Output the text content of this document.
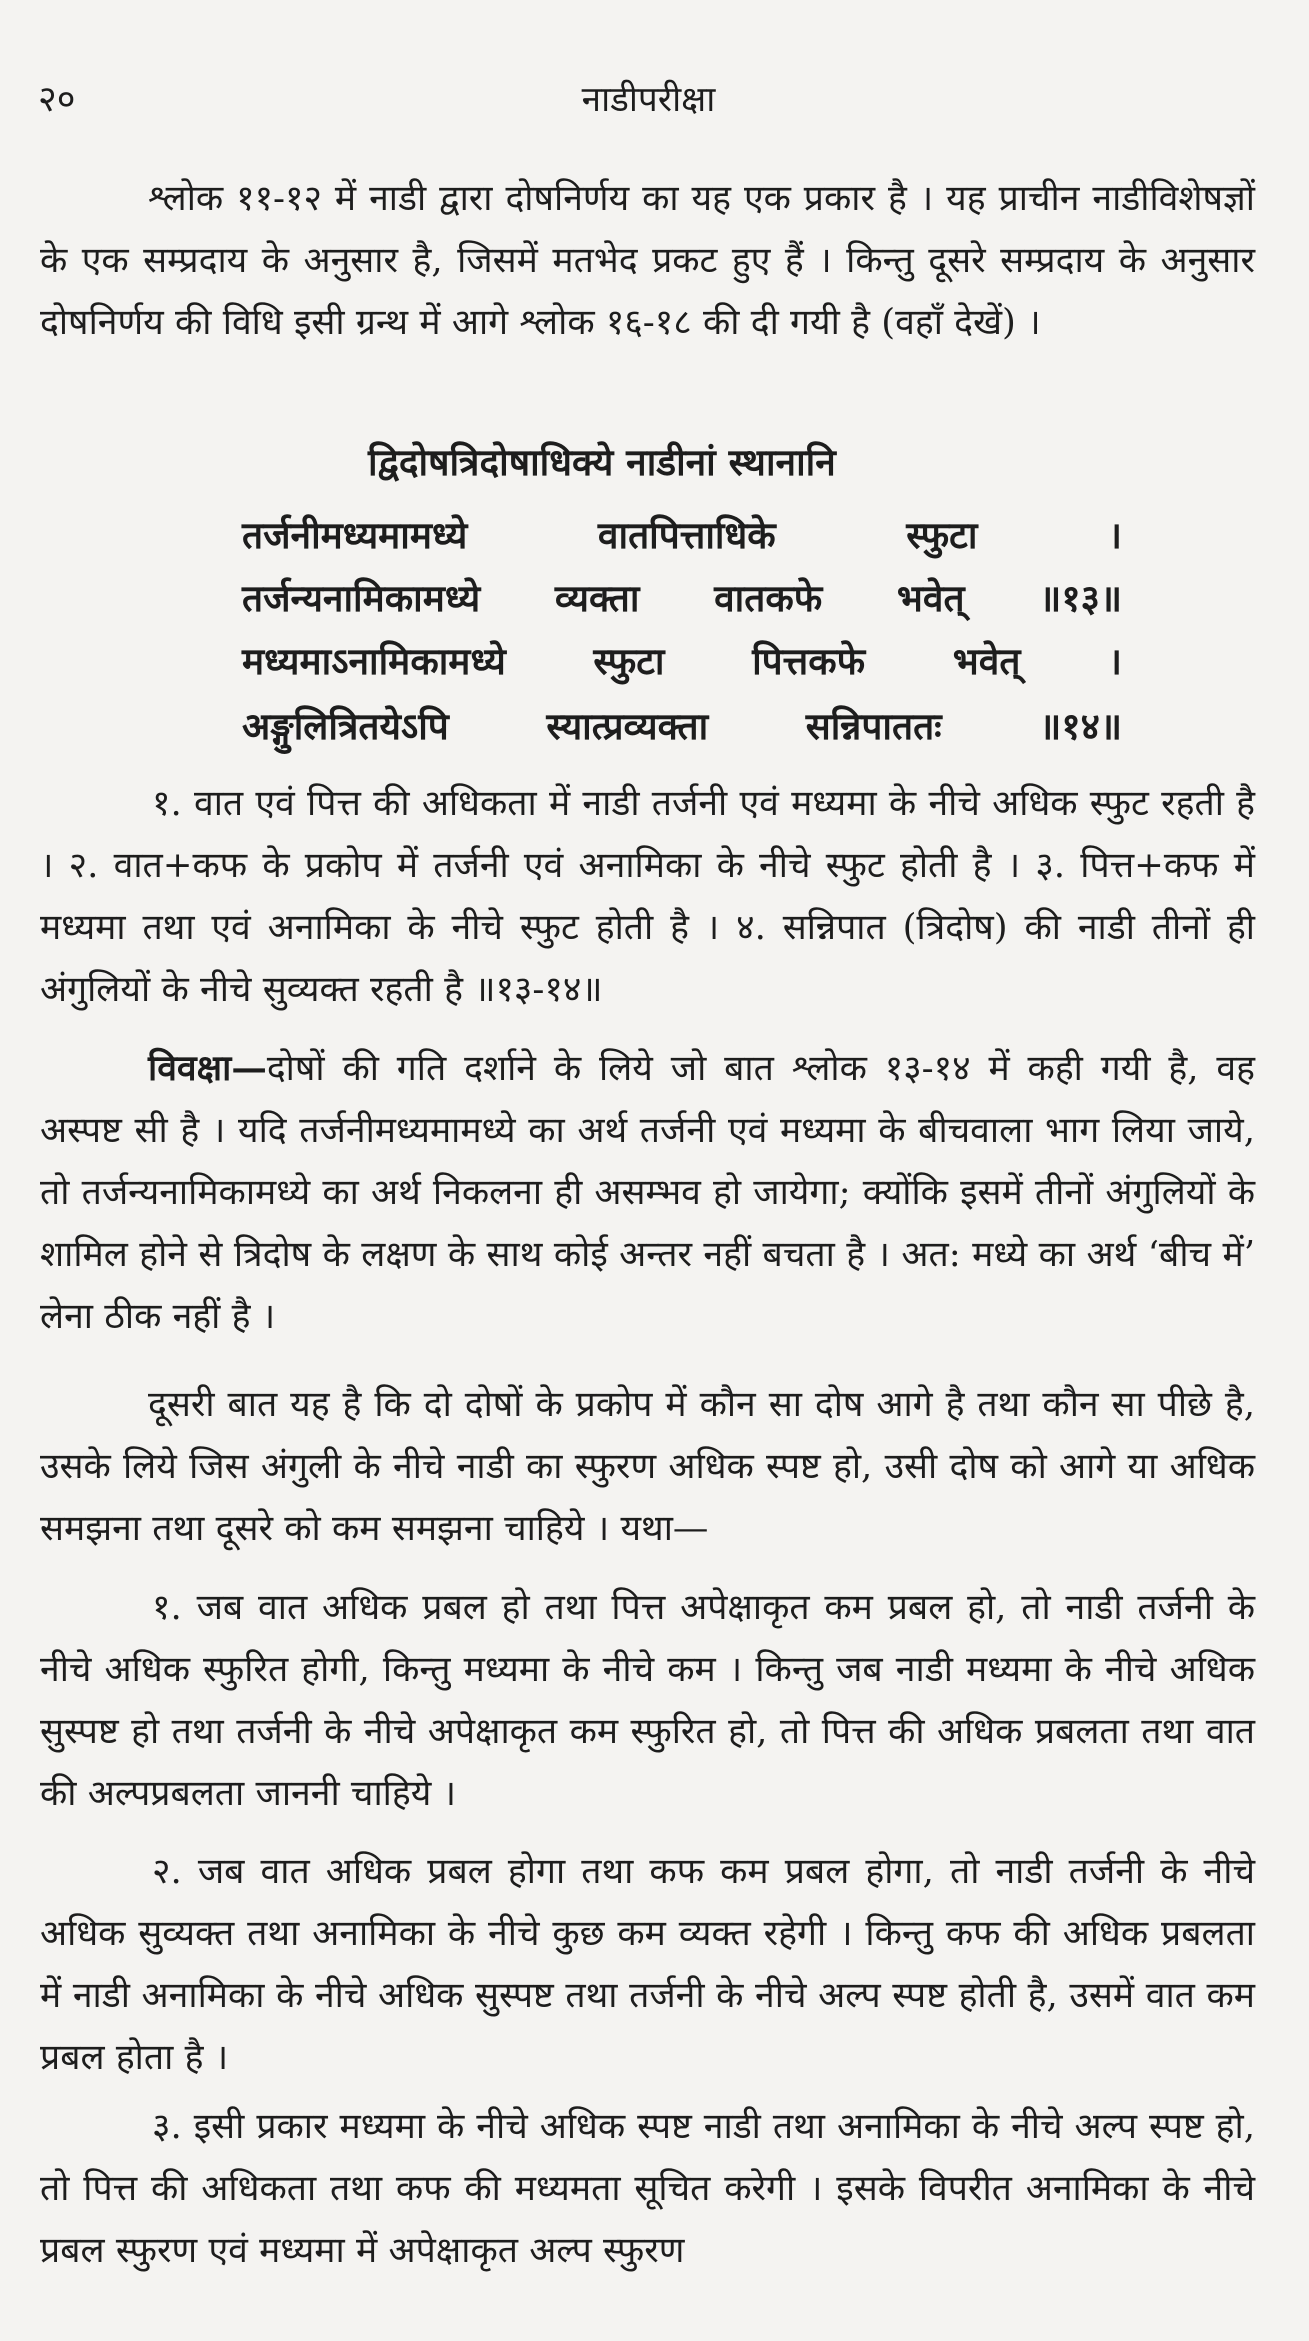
२०	नाडीपरीक्षा

श्लोक ११-१२ में नाडी द्वारा दोषनिर्णय का यह एक प्रकार है । यह प्राचीन नाडीविशेषज्ञों के एक सम्प्रदाय के अनुसार है, जिसमें मतभेद प्रकट हुए हैं । किन्तु दूसरे सम्प्रदाय के अनुसार दोषनिर्णय की विधि इसी ग्रन्थ में आगे श्लोक १६-१८ की दी गयी है (वहाँ देखें) ।

द्विदोषत्रिदोषाधिक्ये नाडीनां स्थानानि
तर्जनीमध्यमामध्ये वातपित्ताधिके स्फुटा ।
तर्जन्यनामिकामध्ये व्यक्ता वातकफे भवेत् ॥१३॥
मध्यमाऽनामिकामध्ये स्फुटा पित्तकफे भवेत् ।
अङ्गुलित्रितयेऽपि स्यात्प्रव्यक्ता सन्निपाततः ॥१४॥

१. वात एवं पित्त की अधिकता में नाडी तर्जनी एवं मध्यमा के नीचे अधिक स्फुट रहती है । २. वात+कफ के प्रकोप में तर्जनी एवं अनामिका के नीचे स्फुट होती है । ३. पित्त+कफ में मध्यमा तथा एवं अनामिका के नीचे स्फुट होती है । ४. सन्निपात (त्रिदोष) की नाडी तीनों ही अंगुलियों के नीचे सुव्यक्त रहती है ॥१३-१४॥

विवक्षा—दोषों की गति दर्शाने के लिये जो बात श्लोक १३-१४ में कही गयी है, वह अस्पष्ट सी है । यदि तर्जनीमध्यमामध्ये का अर्थ तर्जनी एवं मध्यमा के बीचवाला भाग लिया जाये, तो तर्जन्यनामिकामध्ये का अर्थ निकलना ही असम्भव हो जायेगा; क्योंकि इसमें तीनों अंगुलियों के शामिल होने से त्रिदोष के लक्षण के साथ कोई अन्तर नहीं बचता है । अत: मध्ये का अर्थ ‘बीच में’ लेना ठीक नहीं है ।

दूसरी बात यह है कि दो दोषों के प्रकोप में कौन सा दोष आगे है तथा कौन सा पीछे है, उसके लिये जिस अंगुली के नीचे नाडी का स्फुरण अधिक स्पष्ट हो, उसी दोष को आगे या अधिक समझना तथा दूसरे को कम समझना चाहिये । यथा—

१. जब वात अधिक प्रबल हो तथा पित्त अपेक्षाकृत कम प्रबल हो, तो नाडी तर्जनी के नीचे अधिक स्फुरित होगी, किन्तु मध्यमा के नीचे कम । किन्तु जब नाडी मध्यमा के नीचे अधिक सुस्पष्ट हो तथा तर्जनी के नीचे अपेक्षाकृत कम स्फुरित हो, तो पित्त की अधिक प्रबलता तथा वात की अल्पप्रबलता जाननी चाहिये ।

२. जब वात अधिक प्रबल होगा तथा कफ कम प्रबल होगा, तो नाडी तर्जनी के नीचे अधिक सुव्यक्त तथा अनामिका के नीचे कुछ कम व्यक्त रहेगी । किन्तु कफ की अधिक प्रबलता में नाडी अनामिका के नीचे अधिक सुस्पष्ट तथा तर्जनी के नीचे अल्प स्पष्ट होती है, उसमें वात कम प्रबल होता है ।

३. इसी प्रकार मध्यमा के नीचे अधिक स्पष्ट नाडी तथा अनामिका के नीचे अल्प स्पष्ट हो, तो पित्त की अधिकता तथा कफ की मध्यमता सूचित करेगी । इसके विपरीत अनामिका के नीचे प्रबल स्फुरण एवं मध्यमा में अपेक्षाकृत अल्प स्फुरण
